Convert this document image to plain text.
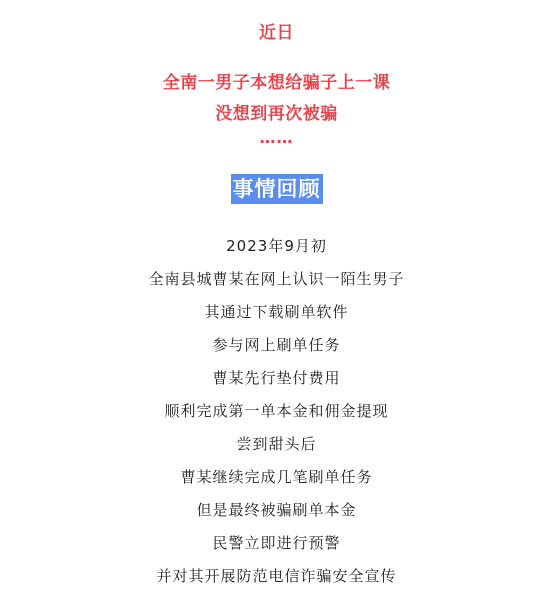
近日
全南一男子本想给骗子上一课
没想到再次被骗
……
事情回顾
2023年9月初
全南县城曹某在网上认识一陌生男子
其通过下载刷单软件
参与网上刷单任务
曹某先行垫付费用
顺利完成第一单本金和佣金提现
尝到甜头后
曹某继续完成几笔刷单任务
但是最终被骗刷单本金
民警立即进行预警
并对其开展防范电信诈骗安全宣传
